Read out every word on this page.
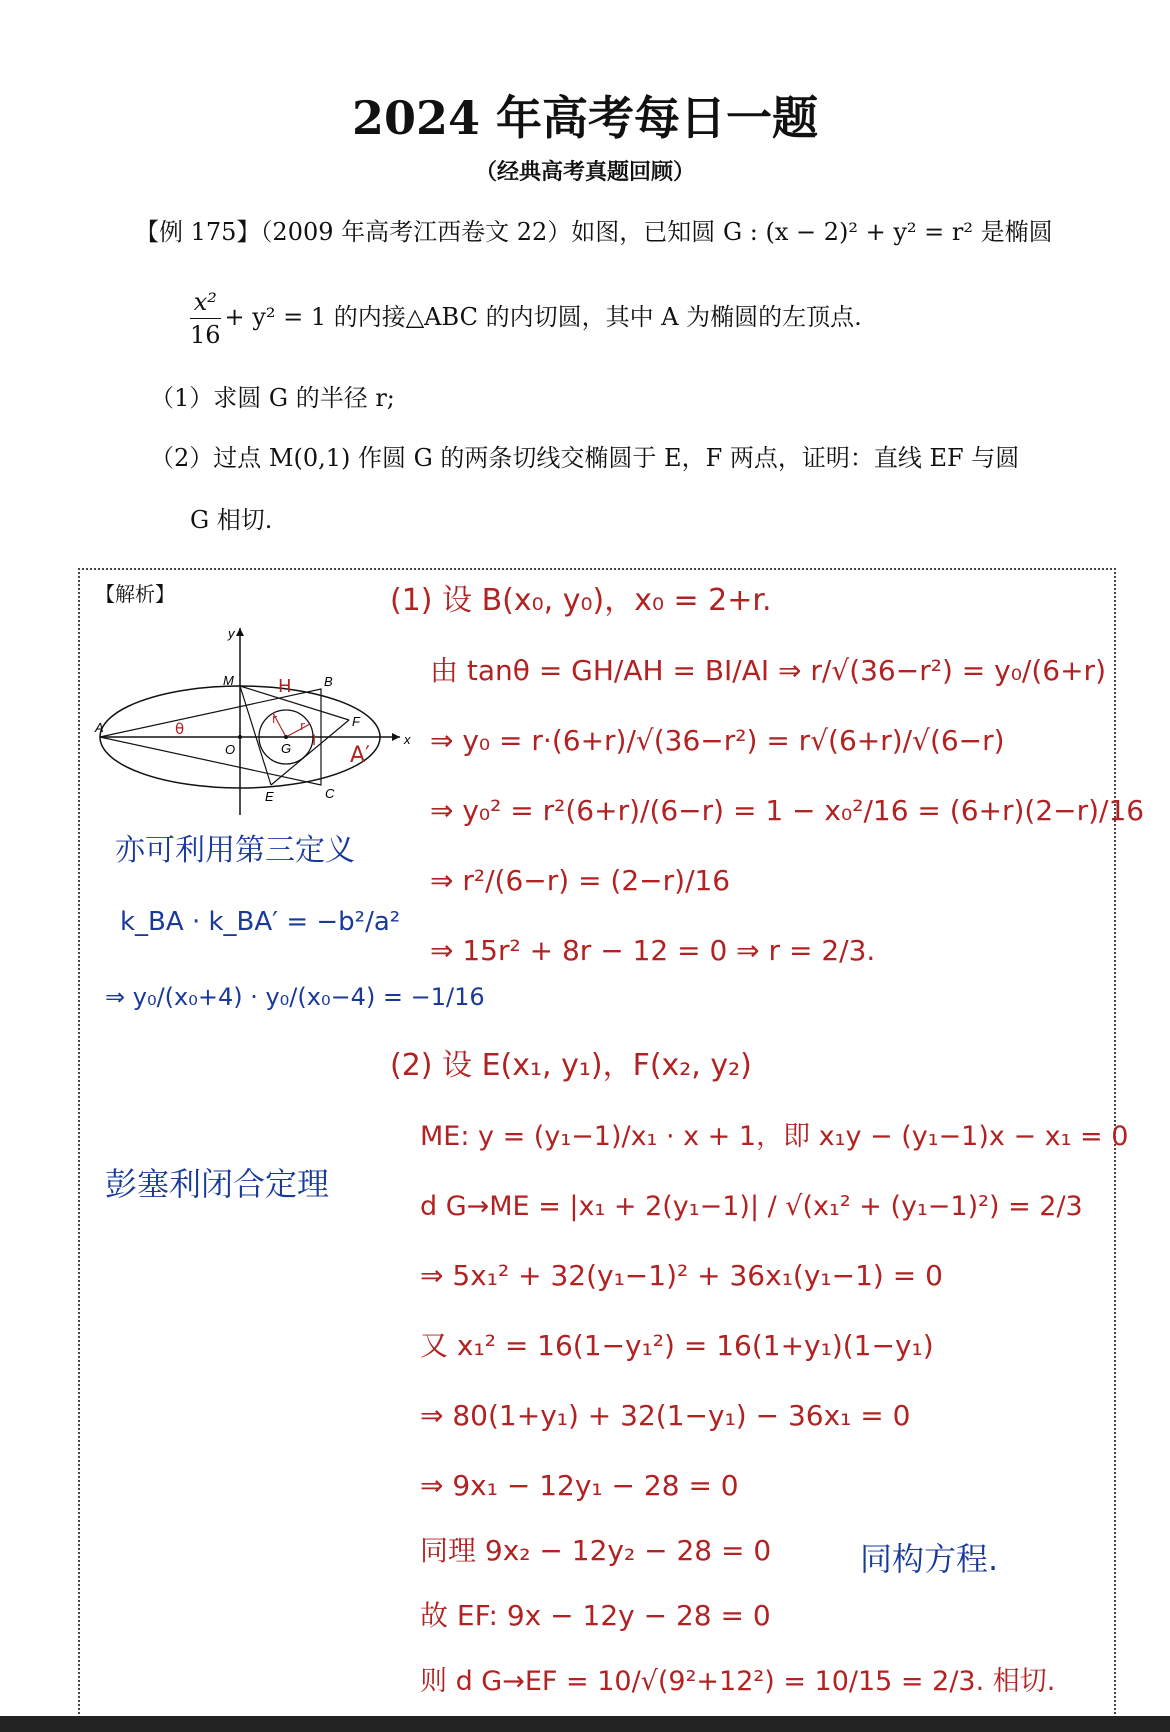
2024 年高考每日一题
（经典高考真题回顾）
【例 175】（2009 年高考江西卷文 22）如图，已知圆 G : (x − 2)² + y² = r² 是椭圆
$\frac{\text{x²}}{16} + y^2 = 1$ 的内接△ABC 的内切圆，其中 A 为椭圆的左顶点.
（1）求圆 G 的半径 r;
（2）过点 M(0,1) 作圆 G 的两条切线交椭圆于 E，F 两点，证明：直线 EF 与圆
G 相切.
【解析】
A
B
C
E
F
M
O	G
x
y
H
I
A′
θ
r r
(1) 设 B(x₀, y₀)，x₀ = 2+r.
由 tanθ = GH/AH = BI/AI ⇒ r/√(36−r²) = y₀/(6+r)
⇒ y₀ = r·(6+r)/√(36−r²) = r√(6+r)/√(6−r)
⇒ y₀² = r²(6+r)/(6−r) = 1 − x₀²/16 = (6+r)(2−r)/16
⇒ r²/(6−r) = (2−r)/16
⇒ 15r² + 8r − 12 = 0 ⇒ r = 2/3.
(2) 设 E(x₁, y₁)，F(x₂, y₂)
ME: y = (y₁−1)/x₁ · x + 1，即 x₁y − (y₁−1)x − x₁ = 0
d G→ME = |x₁ + 2(y₁−1)| / √(x₁² + (y₁−1)²) = 2/3
⇒ 5x₁² + 32(y₁−1)² + 36x₁(y₁−1) = 0
又 x₁² = 16(1−y₁²) = 16(1+y₁)(1−y₁)
⇒ 80(1+y₁) + 32(1−y₁) − 36x₁ = 0
⇒ 9x₁ − 12y₁ − 28 = 0
同理 9x₂ − 12y₂ − 28 = 0
故 EF: 9x − 12y − 28 = 0
则 d G→EF = 10/√(9²+12²) = 10/15 = 2/3. 相切.
亦可利用第三定义
k_BA · k_BA′ = −b²/a²
⇒ y₀/(x₀+4) · y₀/(x₀−4) = −1/16
彭塞利闭合定理
同构方程.
